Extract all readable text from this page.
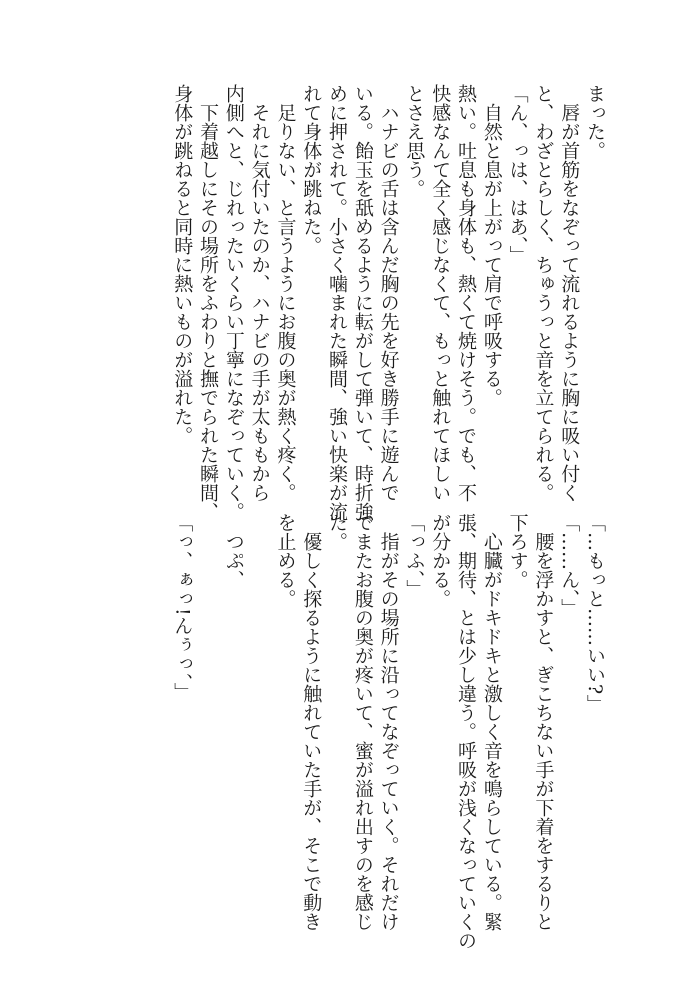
まった。

　唇が首筋をなぞって流れるように胸に吸い付く

と、わざとらしく、ちゅうっと音を立てられる。

「ん、っは、はあ、」

　自然と息が上がって肩で呼吸する。

熱い。吐息も身体も、熱くて焼けそう。でも、不

快感なんて全く感じなくて、もっと触れてほしい

とさえ思う。

　ハナビの舌は含んだ胸の先を好き勝手に遊んで

いる。飴玉を舐めるように転がして弾いて、時折強

めに押されて。小さく噛まれた瞬間、強い快楽が流

れて身体が跳ねた。

　足りない、と言うようにお腹の奥が熱く疼く。

　それに気付いたのか、ハナビの手が太ももから

内側へと、じれったいくらい丁寧になぞっていく。

　下着越しにその場所をふわりと撫でられた瞬間、

身体が跳ねると同時に熱いものが溢れた。

「…もっと……いい?」

「……ん、」

　腰を浮かすと、ぎこちない手が下着をするりと

下ろす。

　心臓がドキドキと激しく音を鳴らしている。緊

張、期待、とは少し違う。呼吸が浅くなっていくの

が分かる。

「っふ、」

　指がその場所に沿ってなぞっていく。それだけ

でまたお腹の奥が疼いて、蜜が溢れ出すのを感じ

た。

　優しく探るように触れていた手が、そこで動き

を止める。

　つぷ、

「っ、ぁっ!んぅっ、」
